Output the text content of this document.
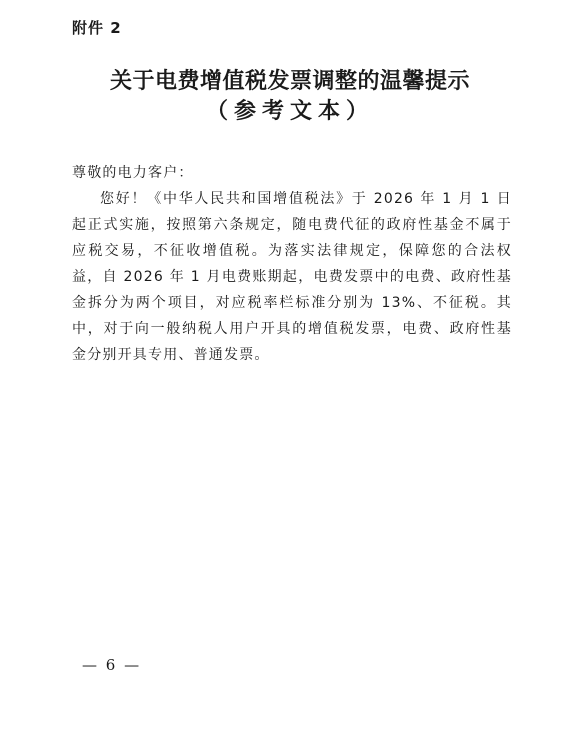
附件 2
关于电费增值税发票调整的温馨提示
（参考文本）

尊敬的电力客户：

您好！《中华人民共和国增值税法》于 2026 年 1 月 1 日起正式实施，按照第六条规定，随电费代征的政府性基金不属于应税交易，不征收增值税。为落实法律规定，保障您的合法权益，自 2026 年 1 月电费账期起，电费发票中的电费、政府性基金拆分为两个项目，对应税率栏标准分别为 13%、不征税。其中，对于向一般纳税人用户开具的增值税发票，电费、政府性基金分别开具专用、普通发票。

— 6 —
